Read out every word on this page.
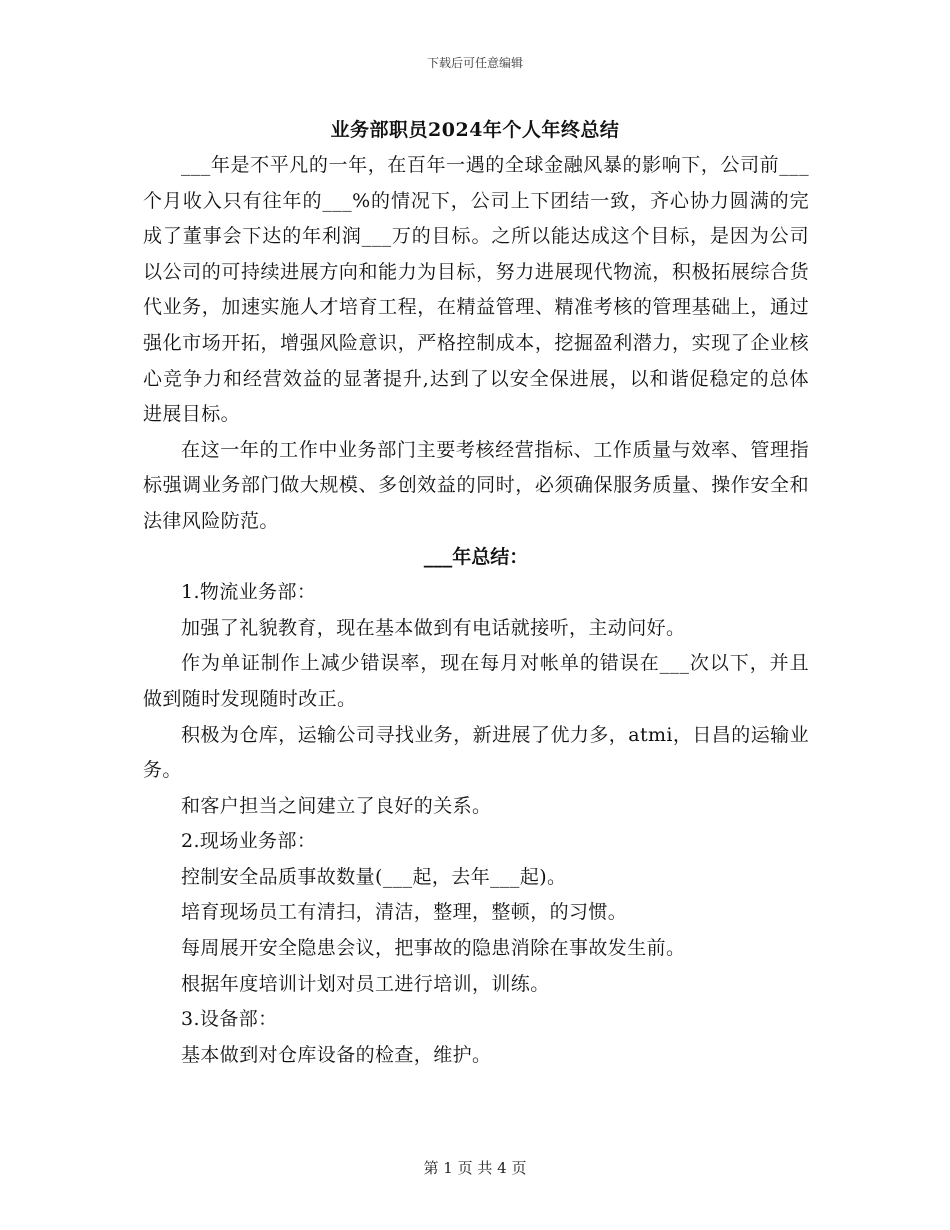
下载后可任意编辑
业务部职员2024年个人年终总结

___年是不平凡的一年，在百年一遇的全球金融风暴的影响下，公司前___个月收入只有往年的___%的情况下，公司上下团结一致，齐心协力圆满的完成了董事会下达的年利润___万的目标。之所以能达成这个目标，是因为公司以公司的可持续进展方向和能力为目标，努力进展现代物流，积极拓展综合货代业务，加速实施人才培育工程，在精益管理、精准考核的管理基础上，通过强化市场开拓，增强风险意识，严格控制成本，挖掘盈利潜力，实现了企业核心竞争力和经营效益的显著提升,达到了以安全保进展，以和谐促稳定的总体进展目标。

在这一年的工作中业务部门主要考核经营指标、工作质量与效率、管理指标强调业务部门做大规模、多创效益的同时，必须确保服务质量、操作安全和法律风险防范。

___年总结：

1.物流业务部：

加强了礼貌教育，现在基本做到有电话就接听，主动问好。

作为单证制作上减少错误率，现在每月对帐单的错误在___次以下，并且做到随时发现随时改正。

积极为仓库，运输公司寻找业务，新进展了优力多，atmi，日昌的运输业务。

和客户担当之间建立了良好的关系。

2.现场业务部：

控制安全品质事故数量(___起，去年___起)。

培育现场员工有清扫，清洁，整理，整顿，的习惯。

每周展开安全隐患会议，把事故的隐患消除在事故发生前。

根据年度培训计划对员工进行培训，训练。

3.设备部：

基本做到对仓库设备的检查，维护。

第 1 页 共 4 页
